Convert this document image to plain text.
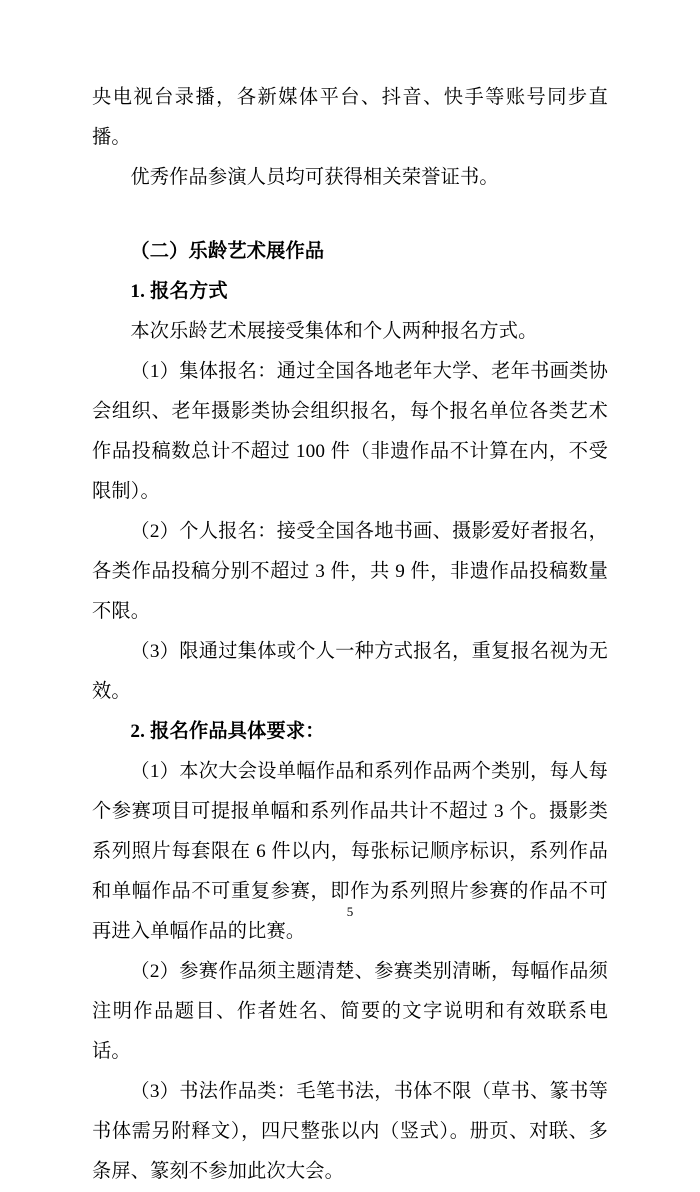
央电视台录播，各新媒体平台、抖音、快手等账号同步直播。

优秀作品参演人员均可获得相关荣誉证书。

（二）乐龄艺术展作品

1. 报名方式

本次乐龄艺术展接受集体和个人两种报名方式。

（1）集体报名：通过全国各地老年大学、老年书画类协会组织、老年摄影类协会组织报名，每个报名单位各类艺术作品投稿数总计不超过 100 件（非遗作品不计算在内，不受限制）。

（2）个人报名：接受全国各地书画、摄影爱好者报名，各类作品投稿分别不超过 3 件，共 9 件，非遗作品投稿数量不限。

（3）限通过集体或个人一种方式报名，重复报名视为无效。

2. 报名作品具体要求：

（1）本次大会设单幅作品和系列作品两个类别，每人每个参赛项目可提报单幅和系列作品共计不超过 3 个。摄影类系列照片每套限在 6 件以内，每张标记顺序标识，系列作品和单幅作品不可重复参赛，即作为系列照片参赛的作品不可再进入单幅作品的比赛。

（2）参赛作品须主题清楚、参赛类别清晰，每幅作品须注明作品题目、作者姓名、简要的文字说明和有效联系电话。

（3）书法作品类：毛笔书法，书体不限（草书、篆书等书体需另附释文），四尺整张以内（竖式）。册页、对联、多条屏、篆刻不参加此次大会。

5
